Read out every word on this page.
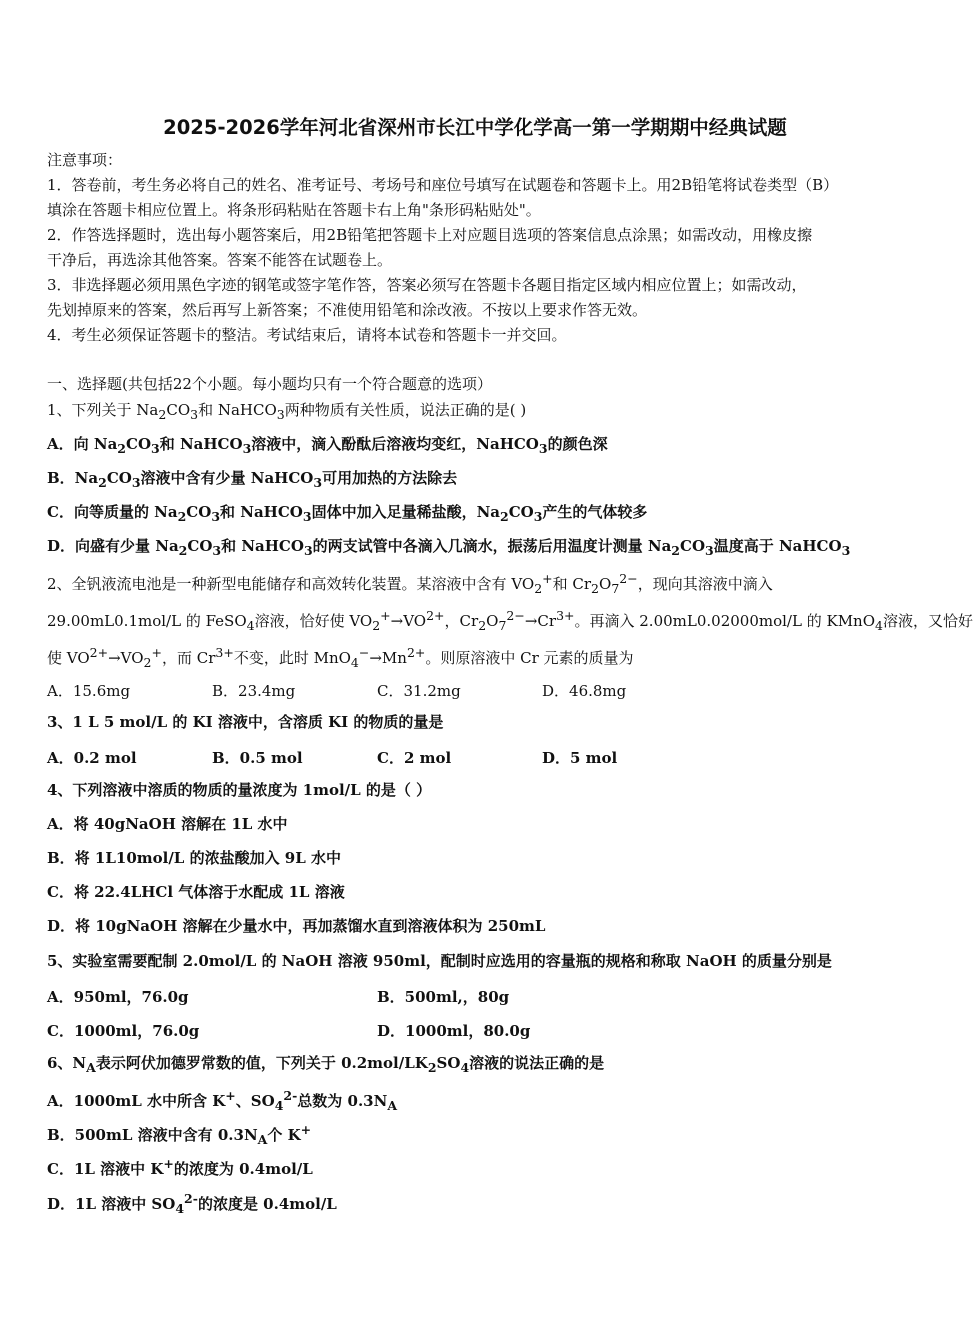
2025-2026学年河北省深州市长江中学化学高一第一学期期中经典试题
注意事项：
1．答卷前，考生务必将自己的姓名、准考证号、考场号和座位号填写在试题卷和答题卡上。用2B铅笔将试卷类型（B）
填涂在答题卡相应位置上。将条形码粘贴在答题卡右上角"条形码粘贴处"。
2．作答选择题时，选出每小题答案后，用2B铅笔把答题卡上对应题目选项的答案信息点涂黑；如需改动，用橡皮擦
干净后，再选涂其他答案。答案不能答在试题卷上。
3．非选择题必须用黑色字迹的钢笔或签字笔作答，答案必须写在答题卡各题目指定区域内相应位置上；如需改动，
先划掉原来的答案，然后再写上新答案；不准使用铅笔和涂改液。不按以上要求作答无效。
4．考生必须保证答题卡的整洁。考试结束后，请将本试卷和答题卡一并交回。
一、选择题(共包括22个小题。每小题均只有一个符合题意的选项）
1、下列关于 $Na_2CO_3$和 NaHCO$_3$两种物质有关性质，说法正确的是( )
A．向 $Na_2CO_3$和 NaHCO$_3$溶液中，滴入酚酞后溶液均变红，NaHCO$_3$的颜色深
B．$Na_2CO_3$溶液中含有少量 NaHCO$_3$可用加热的方法除去
C．向等质量的 $Na_2CO_3$和 NaHCO$_3$固体中加入足量稀盐酸，$Na_2CO_3$产生的气体较多
D．向盛有少量 $Na_2CO_3$和 NaHCO$_3$的两支试管中各滴入几滴水，振荡后用温度计测量 $Na_2CO_3$温度高于 NaHCO$_3$
2、全钒液流电池是一种新型电能储存和高效转化装置。某溶液中含有 $VO_2^+$和 $Cr_2O_7^{2-}$，现向其溶液中滴入
29.00mL0.1mol/L 的 FeSO$_4$溶液，恰好使 $VO_2^+\to VO^{2+}$，$Cr_2O_7^{2-}\to Cr^{3+}$。再滴入 2.00mL0.02000mol/L 的 KMnO$_4$溶液，又恰好
使 $VO^{2+}\to VO_2^+$，而 $Cr^{3+}$不变，此时 $MnO_4^-\to Mn^{2+}$。则原溶液中 Cr 元素的质量为
A．15.6mg	B．23.4mg	C．31.2mg	D．46.8mg
3、1 L 5 mol/L 的 KI 溶液中，含溶质 KI 的物质的量是
A．0.2 mol	B．0.5 mol	C．2 mol	D．5 mol
4、下列溶液中溶质的物质的量浓度为 1mol/L 的是（ ）
A．将 40gNaOH 溶解在 1L 水中
B．将 1L10mol/L 的浓盐酸加入 9L 水中
C．将 22.4LHCl 气体溶于水配成 1L 溶液
D．将 10gNaOH 溶解在少量水中，再加蒸馏水直到溶液体积为 250mL
5、实验室需要配制 2.0mol/L 的 NaOH 溶液 950ml，配制时应选用的容量瓶的规格和称取 NaOH 的质量分别是
A．950ml，76.0g	B．500ml,，80g
C．1000ml，76.0g	D．1000ml，80.0g
6、$N_A$表示阿伏加德罗常数的值，下列关于 $0.2mol/LK_2SO_4$溶液的说法正确的是
A．1000mL 水中所含 K+、$SO_4^{2-}$总数为 $0.3N_A$
B．500mL 溶液中含有 $0.3N_A$个 K+
C．1L 溶液中 K+的浓度为 0.4mol/L
D．1L 溶液中 $SO_4^{2-}$的浓度是 0.4mol/L
